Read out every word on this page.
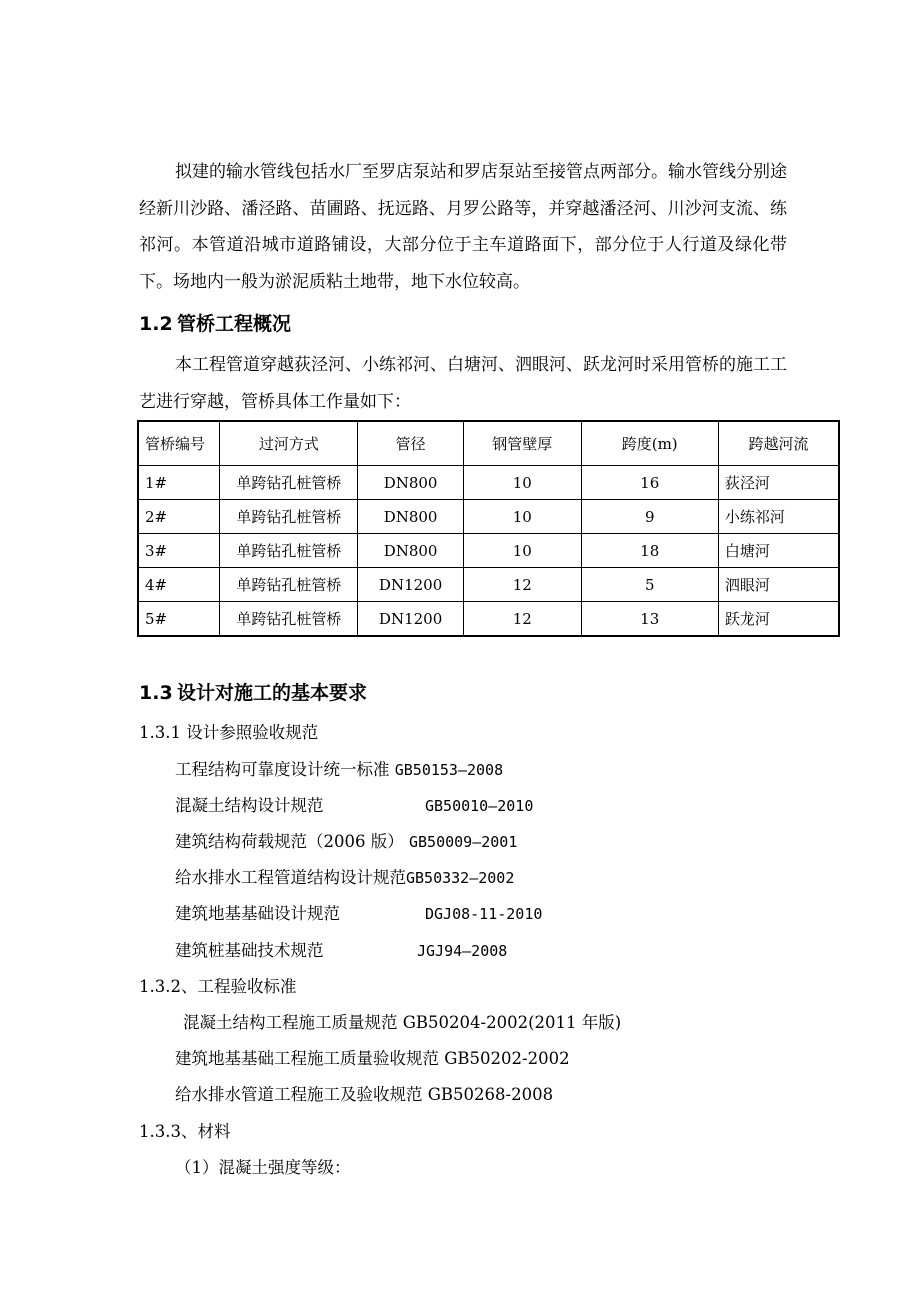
拟建的输水管线包括水厂至罗店泵站和罗店泵站至接管点两部分。输水管线分别途经新川沙路、潘泾路、苗圃路、抚远路、月罗公路等，并穿越潘泾河、川沙河支流、练祁河。本管道沿城市道路铺设，大部分位于主车道路面下，部分位于人行道及绿化带下。场地内一般为淤泥质粘土地带，地下水位较高。
1.2 管桥工程概况
本工程管道穿越荻泾河、小练祁河、白塘河、泗眼河、跃龙河时采用管桥的施工工艺进行穿越，管桥具体工作量如下：
管桥编号	过河方式	管径	钢管壁厚	跨度(m)	跨越河流
1#	单跨钻孔桩管桥	DN800	10	16	荻泾河
2#	单跨钻孔桩管桥	DN800	10	9	小练祁河
3#	单跨钻孔桩管桥	DN800	10	18	白塘河
4#	单跨钻孔桩管桥	DN1200	12	5	泗眼河
5#	单跨钻孔桩管桥	DN1200	12	13	跃龙河
1.3 设计对施工的基本要求
1.3.1 设计参照验收规范
工程结构可靠度设计统一标准 GB50153—2008
混凝土结构设计规范	GB50010—2010
建筑结构荷载规范（2006 版） GB50009—2001
给水排水工程管道结构设计规范GB50332—2002
建筑地基基础设计规范	DGJ08-11-2010
建筑桩基础技术规范	JGJ94—2008
1.3.2、工程验收标准
混凝土结构工程施工质量规范 GB50204-2002(2011 年版)
建筑地基基础工程施工质量验收规范 GB50202-2002
给水排水管道工程施工及验收规范 GB50268-2008
1.3.3、材料
（1）混凝土强度等级：
